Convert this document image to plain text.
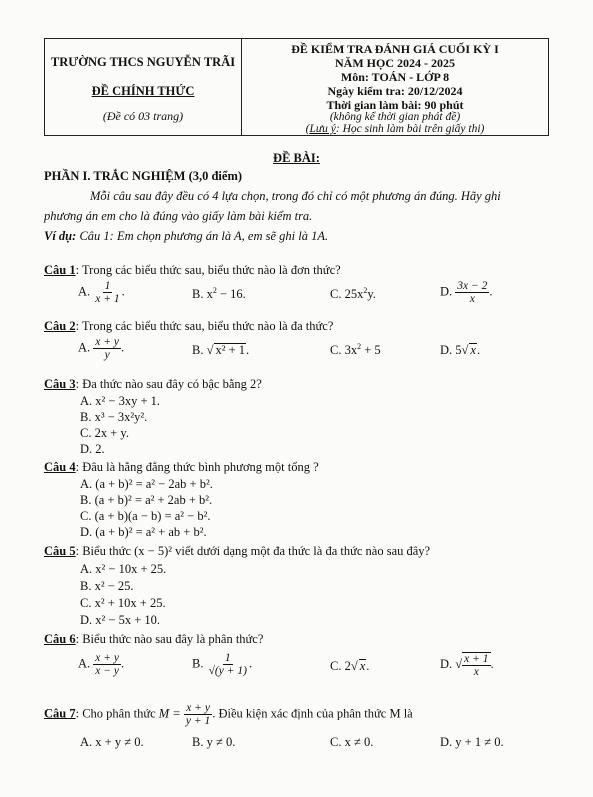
TRƯỜNG THCS NGUYỄN TRÃI
ĐỀ CHÍNH THỨC
(Đề có 03 trang)
ĐỀ KIỂM TRA ĐÁNH GIÁ CUỐI KỲ I
NĂM HỌC 2024 - 2025
Môn: TOÁN - LỚP 8
Ngày kiểm tra: 20/12/2024
Thời gian làm bài: 90 phút
(không kể thời gian phát đề)
(Lưu ý: Học sinh làm bài trên giấy thi)
ĐỀ BÀI:
PHẦN I. TRẮC NGHIỆM (3,0 điểm)
Mỗi câu sau đây đều có 4 lựa chọn, trong đó chỉ có một phương án đúng. Hãy ghi
phương án em cho là đúng vào giấy làm bài kiểm tra.
Ví dụ: Câu 1: Em chọn phương án là A, em sẽ ghi là 1A.
Câu 1: Trong các biểu thức sau, biểu thức nào là đơn thức?
A. $\frac{1}{x + 1}$ .	B. $x^2 - 16$.	C. $25x^2y$.	D. $\frac{3x - 2}{x}$ .
Câu 2: Trong các biểu thức sau, biểu thức nào là đa thức?
A. $\frac{x + y}{y}$ .	B. √ x² + 1.	C. $3x^2 + 5$	D. 5√ x.
Câu 3: Đa thức nào sau đây có bậc bằng 2?
A. x² − 3xy + 1.
B. x³ − 3x²y².
C. 2x + y.
D. 2.
Câu 4: Đâu là hằng đẳng thức bình phương một tổng ?
A. (a + b)² = a² − 2ab + b².
B. (a + b)² = a² + 2ab + b².
C. (a + b)(a − b) = a² − b².
D. (a + b)² = a² + ab + b².
Câu 5: Biểu thức (x − 5)² viết dưới dạng một đa thức là đa thức nào sau đây?
A. x² − 10x + 25.
B. x² − 25.
C. x² + 10x + 25.
D. x² − 5x + 10.
Câu 6: Biểu thức nào sau đây là phân thức?
A. $\frac{x + y}{x - y}$ .	B. $\frac{1}{√(y + 1)}$ .	C. 2√ x.	D. √ $\frac{x + 1}{x}$ .
Câu 7: Cho phân thức $M = \frac{x + y}{y + 1}$ . Điều kiện xác định của phân thức M là
A. x + y ≠ 0.	B. y ≠ 0.	C. x ≠ 0.	D. y + 1 ≠ 0.
